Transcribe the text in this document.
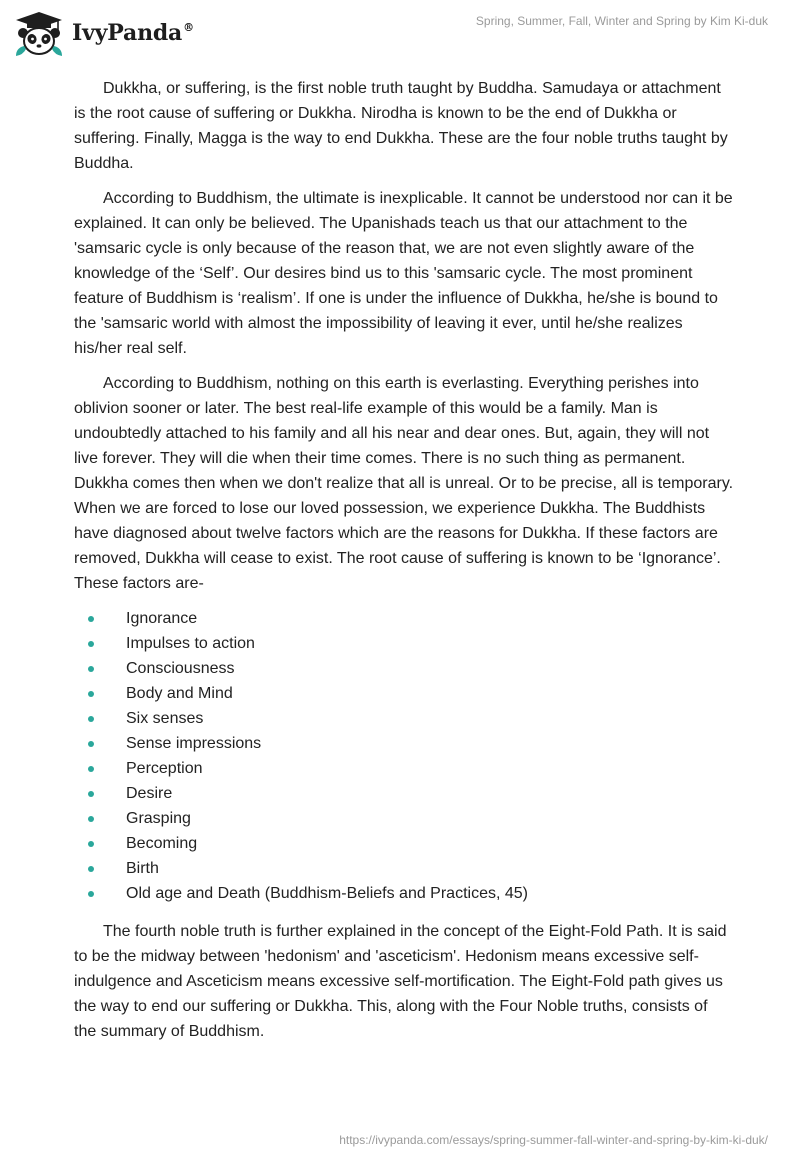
IvyPanda®	Spring, Summer, Fall, Winter and Spring by Kim Ki-duk

Dukkha, or suffering, is the first noble truth taught by Buddha. Samudaya or attachment is the root cause of suffering or Dukkha. Nirodha is known to be the end of Dukkha or suffering. Finally, Magga is the way to end Dukkha. These are the four noble truths taught by Buddha.

According to Buddhism, the ultimate is inexplicable. It cannot be understood nor can it be explained. It can only be believed. The Upanishads teach us that our attachment to the 'samsaric cycle is only because of the reason that, we are not even slightly aware of the knowledge of the ‘Self’. Our desires bind us to this 'samsaric cycle. The most prominent feature of Buddhism is ‘realism’. If one is under the influence of Dukkha, he/she is bound to the 'samsaric world with almost the impossibility of leaving it ever, until he/she realizes his/her real self.

According to Buddhism, nothing on this earth is everlasting. Everything perishes into oblivion sooner or later. The best real-life example of this would be a family. Man is undoubtedly attached to his family and all his near and dear ones. But, again, they will not live forever. They will die when their time comes. There is no such thing as permanent. Dukkha comes then when we don't realize that all is unreal. Or to be precise, all is temporary. When we are forced to lose our loved possession, we experience Dukkha. The Buddhists have diagnosed about twelve factors which are the reasons for Dukkha. If these factors are removed, Dukkha will cease to exist. The root cause of suffering is known to be ‘Ignorance’. These factors are-

Ignorance
Impulses to action
Consciousness
Body and Mind
Six senses
Sense impressions
Perception
Desire
Grasping
Becoming
Birth
Old age and Death (Buddhism-Beliefs and Practices, 45)

The fourth noble truth is further explained in the concept of the Eight-Fold Path. It is said to be the midway between 'hedonism' and 'asceticism'. Hedonism means excessive self-indulgence and Asceticism means excessive self-mortification. The Eight-Fold path gives us the way to end our suffering or Dukkha. This, along with the Four Noble truths, consists of the summary of Buddhism.

https://ivypanda.com/essays/spring-summer-fall-winter-and-spring-by-kim-ki-duk/
